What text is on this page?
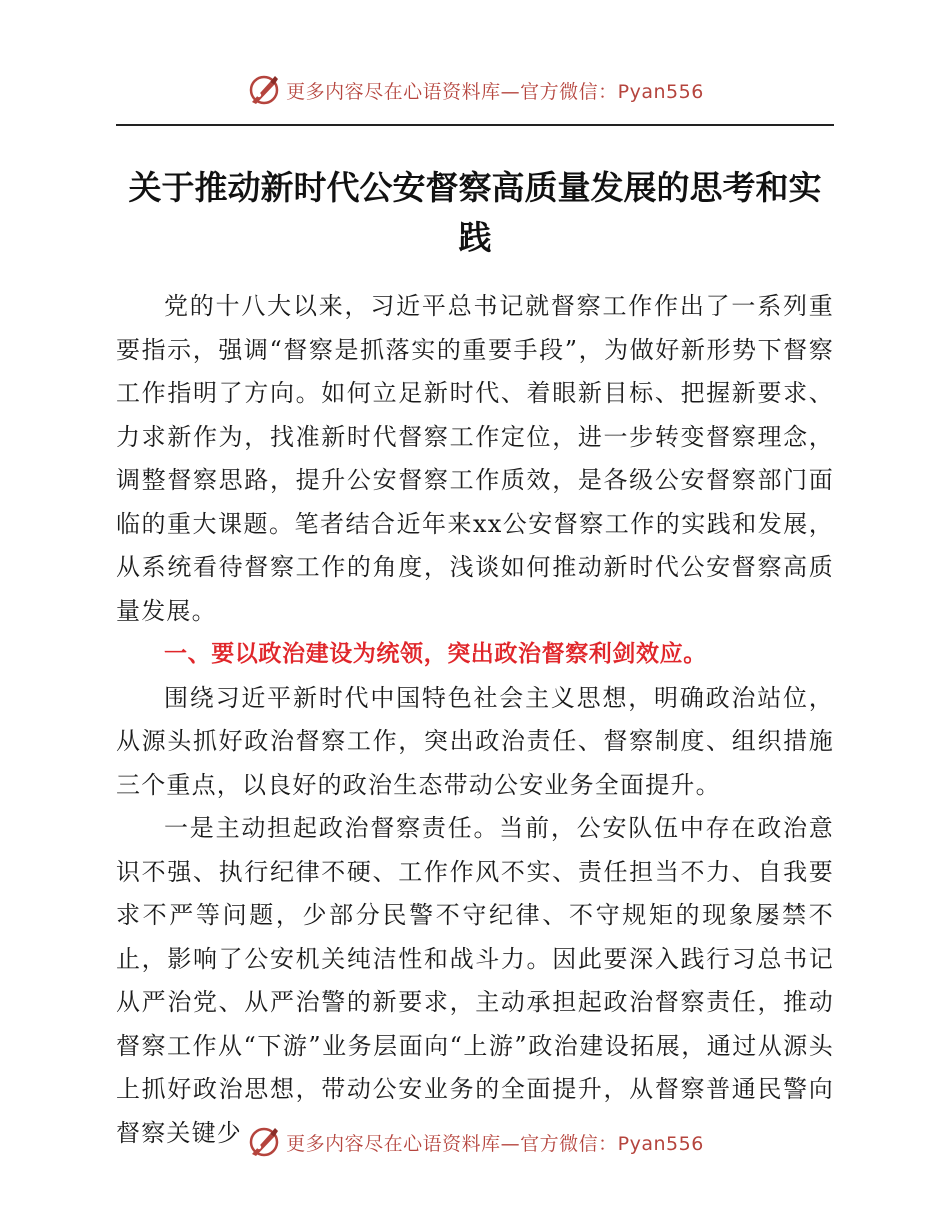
更多内容尽在心语资料库—官方微信：Pyan556
关于推动新时代公安督察高质量发展的思考和实践

党的十八大以来，习近平总书记就督察工作作出了一系列重要指示，强调“督察是抓落实的重要手段”，为做好新形势下督察工作指明了方向。如何立足新时代、着眼新目标、把握新要求、力求新作为，找准新时代督察工作定位，进一步转变督察理念，调整督察思路，提升公安督察工作质效，是各级公安督察部门面临的重大课题。笔者结合近年来xx公安督察工作的实践和发展，从系统看待督察工作的角度，浅谈如何推动新时代公安督察高质量发展。

一、要以政治建设为统领，突出政治督察利剑效应。

围绕习近平新时代中国特色社会主义思想，明确政治站位，从源头抓好政治督察工作，突出政治责任、督察制度、组织措施三个重点，以良好的政治生态带动公安业务全面提升。

一是主动担起政治督察责任。当前，公安队伍中存在政治意识不强、执行纪律不硬、工作作风不实、责任担当不力、自我要求不严等问题，少部分民警不守纪律、不守规矩的现象屡禁不止，影响了公安机关纯洁性和战斗力。因此要深入践行习总书记从严治党、从严治警的新要求，主动承担起政治督察责任，推动督察工作从“下游”业务层面向“上游”政治建设拓展，通过从源头上抓好政治思想，带动公安业务的全面提升，从督察普通民警向督察关键少	更多内容尽在心语资料库—官方微信：Pyan556
